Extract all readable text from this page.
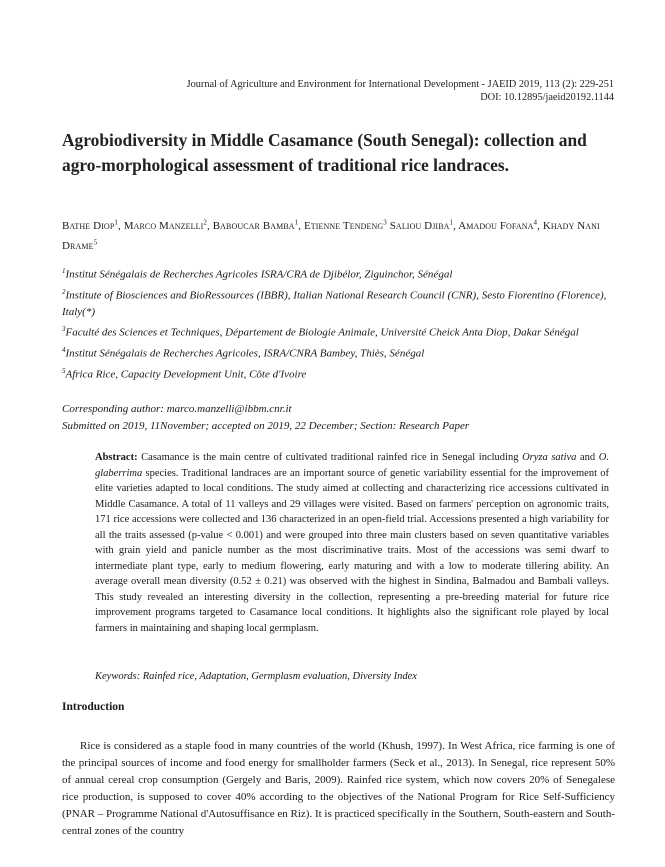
Journal of Agriculture and Environment for International Development - JAEID 2019, 113 (2): 229-251
DOI: 10.12895/jaeid20192.1144
Agrobiodiversity in Middle Casamance (South Senegal): collection and agro-morphological assessment of traditional rice landraces.
Bathe Diop$^1$, Marco Manzelli$^2$, Baboucar Bamba$^1$, Etienne Tendeng$^3$ Saliou Djiba$^1$, Amadou Fofana$^4$, Khady Nani Drame$^5$
$^1$Institut Sénégalais de Recherches Agricoles ISRA/CRA de Djibélor, Ziguinchor, Sénégal
$^2$Institute of Biosciences and BioRessources (IBBR), Italian National Research Council (CNR), Sesto Fiorentino (Florence), Italy(*)
$^3$Faculté des Sciences et Techniques, Département de Biologie Animale, Université Cheick Anta Diop, Dakar Sénégal
$^4$Institut Sénégalais de Recherches Agricoles, ISRA/CNRA Bambey, Thiès, Sénégal
$^5$Africa Rice, Capacity Development Unit, Côte d'Ivoire
Corresponding author: marco.manzelli@ibbm.cnr.it
Submitted on 2019, 11November; accepted on 2019, 22 December; Section: Research Paper
Abstract: Casamance is the main centre of cultivated traditional rainfed rice in Senegal including Oryza sativa and O. glaberrima species. Traditional landraces are an important source of genetic variability essential for the improvement of elite varieties adapted to local conditions. The study aimed at collecting and characterizing rice accessions cultivated in Middle Casamance. A total of 11 valleys and 29 villages were visited. Based on farmers' perception on agronomic traits, 171 rice accessions were collected and 136 characterized in an open-field trial. Accessions presented a high variability for all the traits assessed (p-value < 0.001) and were grouped into three main clusters based on seven quantitative variables with grain yield and panicle number as the most discriminative traits. Most of the accessions was semi dwarf to intermediate plant type, early to medium flowering, early maturing and with a low to moderate tillering ability. An average overall mean diversity (0.52 ± 0.21) was observed with the highest in Sindina, Balmadou and Bambali valleys. This study revealed an interesting diversity in the collection, representing a pre-breeding material for future rice improvement programs targeted to Casamance local conditions. It highlights also the significant role played by local farmers in maintaining and shaping local germplasm.
Keywords: Rainfed rice, Adaptation, Germplasm evaluation, Diversity Index
Introduction
Rice is considered as a staple food in many countries of the world (Khush, 1997). In West Africa, rice farming is one of the principal sources of income and food energy for smallholder farmers (Seck et al., 2013). In Senegal, rice represent 50% of annual cereal crop consumption (Gergely and Baris, 2009). Rainfed rice system, which now covers 20% of Senegalese rice production, is supposed to cover 40% according to the objectives of the National Program for Rice Self-Sufficiency (PNAR – Programme National d'Autosuffisance en Riz). It is practiced specifically in the Southern, South-eastern and South-central zones of the country
